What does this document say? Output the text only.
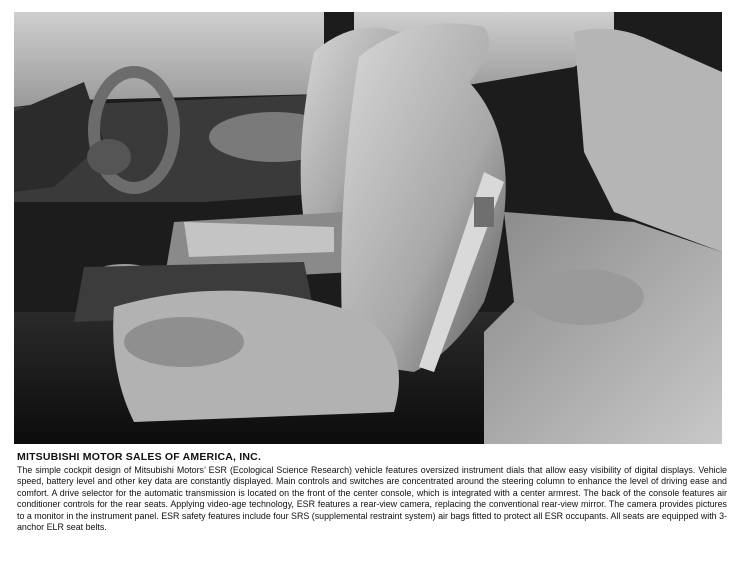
MITSUBISHI MOTOR SALES OF AMERICA, INC.

The simple cockpit design of Mitsubishi Motors’ ESR (Ecological Science Research) vehicle features oversized instrument dials that allow easy visibility of digital displays. Vehicle speed, battery level and other key data are constantly displayed. Main controls and switches are concentrated around the steering column to enhance the level of driving ease and comfort. A drive selector for the automatic transmission is located on the front of the center console, which is integrated with a center armrest. The back of the console features air conditioner controls for the rear seats. Applying video-age technology, ESR features a rear-view camera, replacing the conventional rear-view mirror. The camera provides pictures to a monitor in the instrument panel. ESR safety features include four SRS (supplemental restraint system) air bags fitted to protect all ESR occupants. All seats are equipped with 3-anchor ELR seat belts.
